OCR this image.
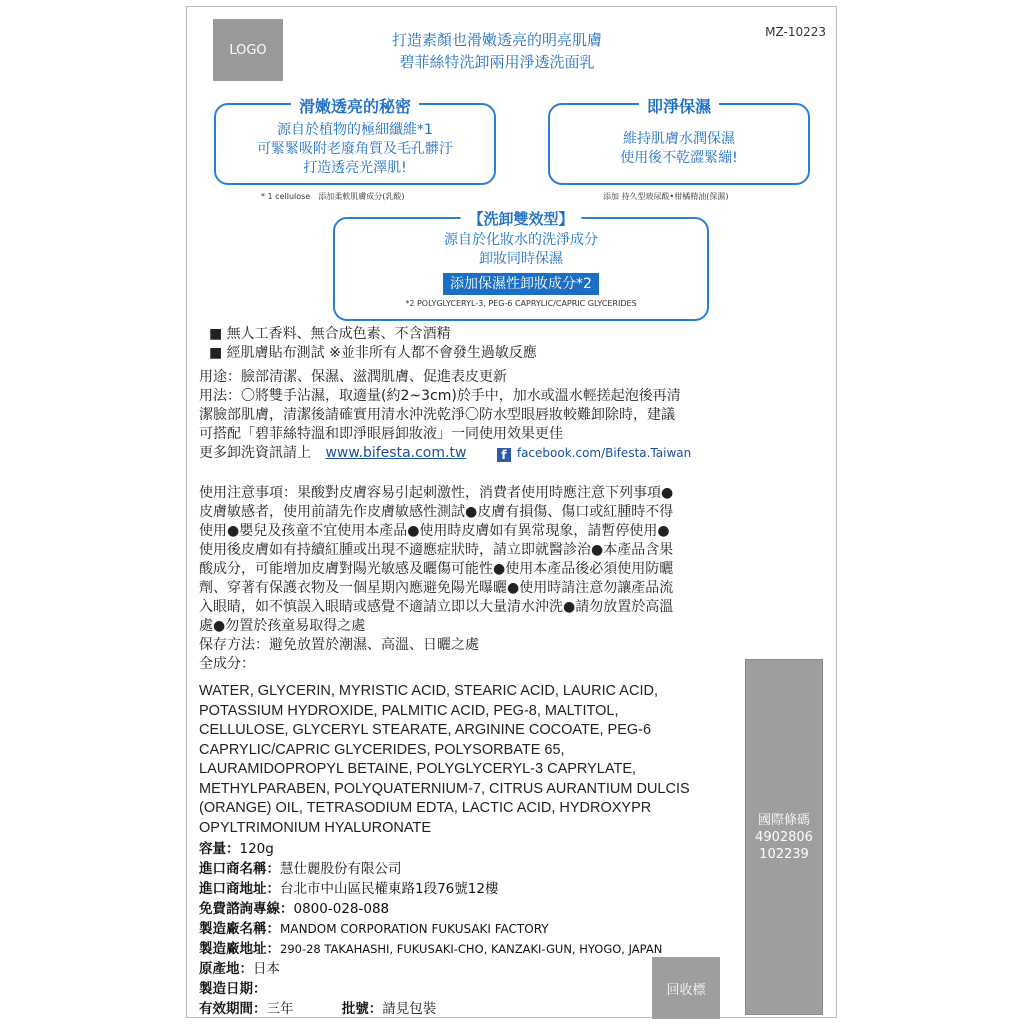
LOGO
MZ-10223
打造素顏也滑嫩透亮的明亮肌膚
碧菲絲特洗卸兩用淨透洗面乳
滑嫩透亮的秘密
源自於植物的極細纖維*1
可緊緊吸附老廢角質及毛孔髒汙
打造透亮光澤肌!
即淨保濕
維持肌膚水潤保濕
使用後不乾澀緊繃!
* 1 cellulose　添加柔軟肌膚成分(乳酸)	添加 持久型玻尿酸•柑橘精油(保濕)
【洗卸雙效型】
源自於化妝水的洗淨成分
卸妝同時保濕
添加保濕性卸妝成分*2
*2 POLYGLYCERYL-3, PEG-6 CAPRYLIC/CAPRIC GLYCERIDES
■ 無人工香料、無合成色素、不含酒精
■ 經肌膚貼布測試 ※並非所有人都不會發生過敏反應
用途：臉部清潔、保濕、滋潤肌膚、促進表皮更新
用法：〇將雙手沾濕，取適量(約2~3cm)於手中，加水或溫水輕搓起泡後再清
潔臉部肌膚，清潔後請確實用清水沖洗乾淨〇防水型眼唇妝較難卸除時，建議
可搭配「碧菲絲特溫和即淨眼唇卸妝液」一同使用效果更佳
更多卸洗資訊請上 www.bifesta.com.tw	f facebook.com/Bifesta.Taiwan
使用注意事項：果酸對皮膚容易引起刺激性，消費者使用時應注意下列事項●
皮膚敏感者，使用前請先作皮膚敏感性測試●皮膚有損傷、傷口或紅腫時不得
使用●嬰兒及孩童不宜使用本產品●使用時皮膚如有異常現象，請暫停使用●
使用後皮膚如有持續紅腫或出現不適應症狀時，請立即就醫診治●本產品含果
酸成分，可能增加皮膚對陽光敏感及曬傷可能性●使用本產品後必須使用防曬
劑、穿著有保護衣物及一個星期內應避免陽光曝曬●使用時請注意勿讓產品流
入眼睛，如不慎誤入眼睛或感覺不適請立即以大量清水沖洗●請勿放置於高溫
處●勿置於孩童易取得之處
保存方法：避免放置於潮濕、高溫、日曬之處
全成分：
WATER, GLYCERIN, MYRISTIC ACID, STEARIC ACID, LAURIC ACID,
POTASSIUM HYDROXIDE, PALMITIC ACID, PEG-8, MALTITOL,
CELLULOSE, GLYCERYL STEARATE, ARGININE COCOATE, PEG-6
CAPRYLIC/CAPRIC GLYCERIDES, POLYSORBATE 65,
LAURAMIDOPROPYL BETAINE, POLYGLYCERYL-3 CAPRYLATE,
METHYLPARABEN, POLYQUATERNIUM-7, CITRUS AURANTIUM DULCIS
(ORANGE) OIL, TETRASODIUM EDTA, LACTIC ACID, HYDROXYPR
OPYLTRIMONIUM HYALURONATE
容量：120g
進口商名稱：慧仕麗股份有限公司
進口商地址：台北市中山區民權東路1段76號12樓
免費諮詢專線：0800-028-088
製造廠名稱：MANDOM CORPORATION FUKUSAKI FACTORY
製造廠地址：290-28 TAKAHASHI, FUKUSAKI-CHO, KANZAKI-GUN, HYOGO, JAPAN
原產地：日本
製造日期：
有效期間：三年	批號：請見包裝
國際條碼
4902806
102239
回收標
